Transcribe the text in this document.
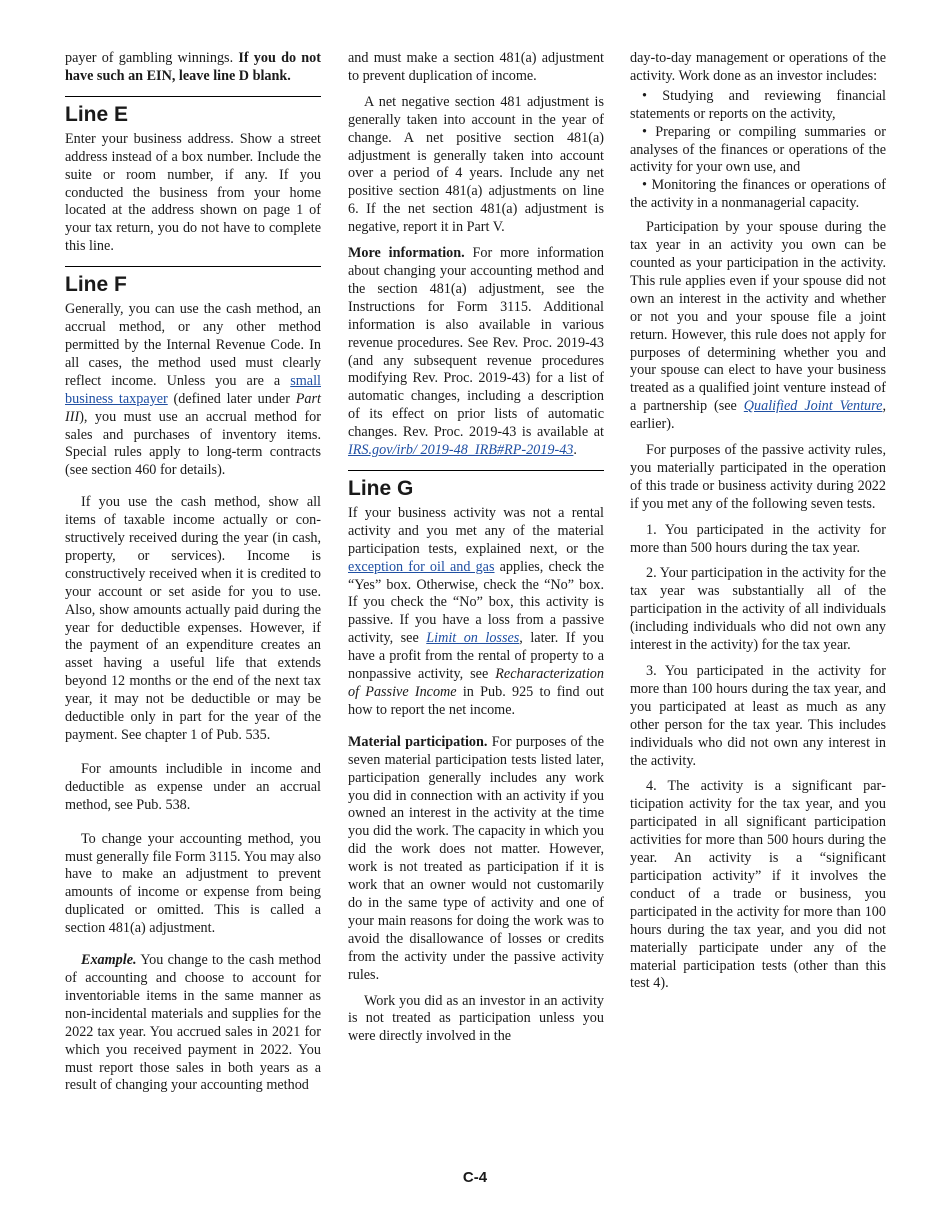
payer of gambling winnings. If you do not have such an EIN, leave line D blank.

Line E

Enter your business address. Show a street address instead of a box number. Include the suite or room number, if any. If you conducted the business from your home located at the address shown on page 1 of your tax return, you do not have to complete this line.

Line F

Generally, you can use the cash method, an accrual method, or any other method permitted by the Internal Revenue Code. In all cases, the method used must clearly reflect income. Unless you are a small business taxpayer (defined later under Part III), you must use an accrual method for sales and purchases of inventory items. Special rules apply to long-term contracts (see section 460 for details).

If you use the cash method, show all items of taxable income actually or constructively received during the year (in cash, property, or services). Income is constructively received when it is credited to your account or set aside for you to use. Also, show amounts actually paid during the year for deductible expenses. However, if the payment of an expenditure creates an asset having a useful life that extends beyond 12 months or the end of the next tax year, it may not be deductible or may be deductible only in part for the year of the payment. See chapter 1 of Pub. 535.

For amounts includible in income and deductible as expense under an accrual method, see Pub. 538.

To change your accounting method, you must generally file Form 3115. You may also have to make an adjustment to prevent amounts of income or expense from being duplicated or omitted. This is called a section 481(a) adjustment.

Example. You change to the cash method of accounting and choose to account for inventoriable items in the same manner as non-incidental materials and supplies for the 2022 tax year. You accrued sales in 2021 for which you received payment in 2022. You must report those sales in both years as a result of changing your accounting method

and must make a section 481(a) adjustment to prevent duplication of income.

A net negative section 481 adjustment is generally taken into account in the year of change. A net positive section 481(a) adjustment is generally taken into account over a period of 4 years. Include any net positive section 481(a) adjustments on line 6. If the net section 481(a) adjustment is negative, report it in Part V.

More information. For more information about changing your accounting method and the section 481(a) adjustment, see the Instructions for Form 3115. Additional information is also available in various revenue procedures. See Rev. Proc. 2019-43 (and any subsequent revenue procedures modifying Rev. Proc. 2019-43) for a list of automatic changes, including a description of its effect on prior lists of automatic changes. Rev. Proc. 2019-43 is available at IRS.gov/irb/ 2019-48_IRB#RP-2019-43.

Line G

If your business activity was not a rental activity and you met any of the material participation tests, explained next, or the exception for oil and gas applies, check the “Yes” box. Otherwise, check the “No” box. If you check the “No” box, this activity is passive. If you have a loss from a passive activity, see Limit on losses, later. If you have a profit from the rental of property to a nonpassive activity, see Recharacterization of Passive Income in Pub. 925 to find out how to report the net income.

Material participation. For purposes of the seven material participation tests listed later, participation generally includes any work you did in connection with an activity if you owned an interest in the activity at the time you did the work. The capacity in which you did the work does not matter. However, work is not treated as participation if it is work that an owner would not customarily do in the same type of activity and one of your main reasons for doing the work was to avoid the disallowance of losses or credits from the activity under the passive activity rules.

Work you did as an investor in an activity is not treated as participation unless you were directly involved in the

day-to-day management or operations of the activity. Work done as an investor includes:

• Studying and reviewing financial statements or reports on the activity,

• Preparing or compiling summaries or analyses of the finances or operations of the activity for your own use, and

• Monitoring the finances or operations of the activity in a nonmanagerial capacity.

Participation by your spouse during the tax year in an activity you own can be counted as your participation in the activity. This rule applies even if your spouse did not own an interest in the activity and whether or not you and your spouse file a joint return. However, this rule does not apply for purposes of determining whether you and your spouse can elect to have your business treated as a qualified joint venture instead of a partnership (see Qualified Joint Venture, earlier).

For purposes of the passive activity rules, you materially participated in the operation of this trade or business activity during 2022 if you met any of the following seven tests.

1. You participated in the activity for more than 500 hours during the tax year.

2. Your participation in the activity for the tax year was substantially all of the participation in the activity of all individuals (including individuals who did not own any interest in the activity) for the tax year.

3. You participated in the activity for more than 100 hours during the tax year, and you participated at least as much as any other person for the tax year. This includes individuals who did not own any interest in the activity.

4. The activity is a significant participation activity for the tax year, and you participated in all significant participation activities for more than 500 hours during the year. An activity is a “significant participation activity” if it involves the conduct of a trade or business, you participated in the activity for more than 100 hours during the tax year, and you did not materially participate under any of the material participation tests (other than this test 4).

C-4
